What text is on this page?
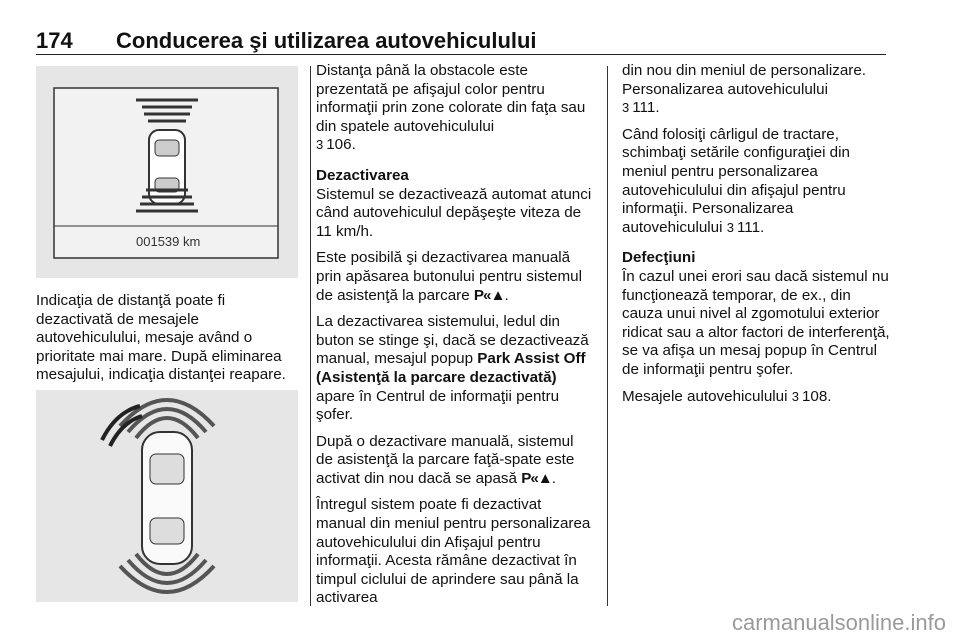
174 Conducerea şi utilizarea autovehiculului
001539 km

Indicaţia de distanţă poate fi dezactivată de mesajele autovehiculului, mesaje având o prioritate mai mare. După eliminarea mesajului, indicaţia distanţei reapare.

Distanţa până la obstacole este prezentată pe afişajul color pentru informaţii prin zone colorate din faţa sau din spatele autovehiculului
3 106.

Dezactivarea

Sistemul se dezactivează automat atunci când autovehiculul depăşeşte viteza de 11 km/h.

Este posibilă şi dezactivarea manuală prin apăsarea butonului pentru sistemul de asistenţă la parcare P«▲.

La dezactivarea sistemului, ledul din buton se stinge şi, dacă se dezactivează manual, mesajul popup Park Assist Off (Asistenţă la parcare dezactivată) apare în Centrul de informaţii pentru şofer.

După o dezactivare manuală, sistemul de asistenţă la parcare faţă-spate este activat din nou dacă se apasă P«▲.

Întregul sistem poate fi dezactivat manual din meniul pentru personalizarea autovehiculului din Afişajul pentru informaţii. Acesta rămâne dezactivat în timpul ciclului de aprindere sau până la activarea

din nou din meniul de personalizare. Personalizarea autovehiculului
3 111.

Când folosiţi cârligul de tractare, schimbaţi setările configuraţiei din meniul pentru personalizarea autovehiculului din afişajul pentru informaţii. Personalizarea autovehiculului 3 111.

Defecţiuni

În cazul unei erori sau dacă sistemul nu funcţionează temporar, de ex., din cauza unui nivel al zgomotului exterior ridicat sau a altor factori de interferenţă, se va afişa un mesaj popup în Centrul de informaţii pentru şofer.

Mesajele autovehiculului 3 108.

carmanualsonline.info
